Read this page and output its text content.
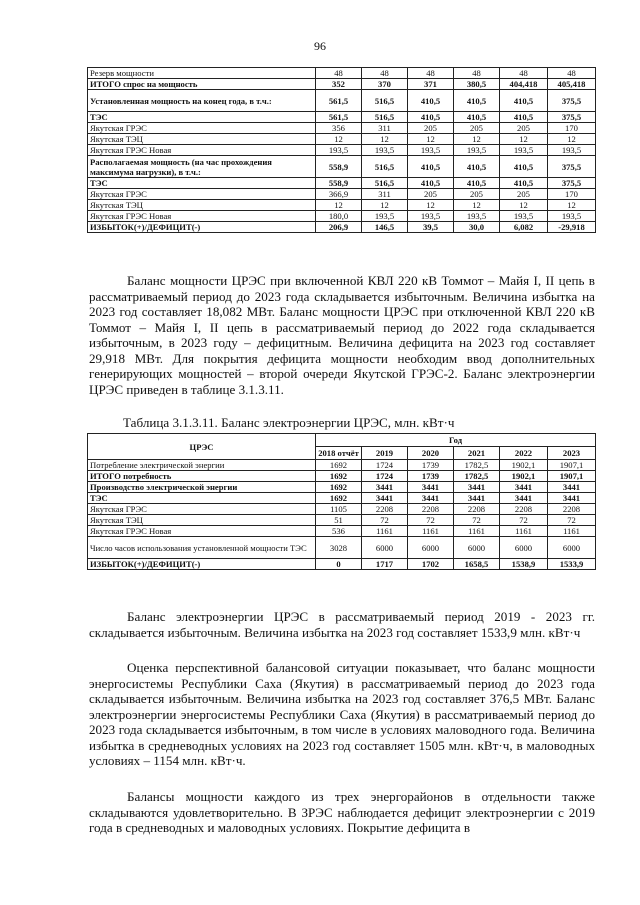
96
Резерв мощности	48	48	48	48	48	48
ИТОГО спрос на мощность	352	370	371	380,5	404,418	405,418
Установленная мощность на конец года, в т.ч.:	561,5	516,5	410,5	410,5	410,5	375,5
ТЭС	561,5	516,5	410,5	410,5	410,5	375,5
Якутская ГРЭС	356	311	205	205	205	170
Якутская ТЭЦ	12	12	12	12	12	12
Якутская ГРЭС Новая	193,5	193,5	193,5	193,5	193,5	193,5
Располагаемая мощность (на час прохождения максимума нагрузки), в т.ч.:	558,9	516,5	410,5	410,5	410,5	375,5
ТЭС	558,9	516,5	410,5	410,5	410,5	375,5
Якутская ГРЭС	366,9	311	205	205	205	170
Якутская ТЭЦ	12	12	12	12	12	12
Якутская ГРЭС Новая	180,0	193,5	193,5	193,5	193,5	193,5
ИЗБЫТОК(+)/ДЕФИЦИТ(-)	206,9	146,5	39,5	30,0	6,082	-29,918

Баланс мощности ЦРЭС при включенной КВЛ 220 кВ Томмот – Майя I, II цепь в рассматриваемый период до 2023 года складывается избыточным. Величина избытка на 2023 год составляет 18,082 МВт. Баланс мощности ЦРЭС при отключенной КВЛ 220 кВ Томмот – Майя I, II цепь в рассматриваемый период до 2022 года складывается избыточным, в 2023 году – дефицитным. Величина дефицита на 2023 год составляет 29,918 МВт. Для покрытия дефицита мощности необходим ввод дополнительных генерирующих мощностей – второй очереди Якутской ГРЭС-2. Баланс электроэнергии ЦРЭС приведен в таблице 3.1.3.11.

Таблица 3.1.3.11. Баланс электроэнергии ЦРЭС, млн. кВт·ч
ЦРЭС	Год					
	2018 отчёт	2019	2020	2021	2022	2023
Потребление электрической энергии	1692	1724	1739	1782,5	1902,1	1907,1
ИТОГО потребность	1692	1724	1739	1782,5	1902,1	1907,1
Производство электрической энергии	1692	3441	3441	3441	3441	3441
ТЭС	1692	3441	3441	3441	3441	3441
Якутская ГРЭС	1105	2208	2208	2208	2208	2208
Якутская ТЭЦ	51	72	72	72	72	72
Якутская ГРЭС Новая	536	1161	1161	1161	1161	1161
Число часов использования установленной мощности ТЭС	3028	6000	6000	6000	6000	6000
ИЗБЫТОК(+)/ДЕФИЦИТ(-)	0	1717	1702	1658,5	1538,9	1533,9

Баланс электроэнергии ЦРЭС в рассматриваемый период 2019 - 2023 гг. складывается избыточным. Величина избытка на 2023 год составляет 1533,9 млн. кВт·ч

Оценка перспективной балансовой ситуации показывает, что баланс мощности энергосистемы Республики Саха (Якутия) в рассматриваемый период до 2023 года складывается избыточным. Величина избытка на 2023 год составляет 376,5 МВт. Баланс электроэнергии энергосистемы Республики Саха (Якутия) в рассматриваемый период до 2023 года складывается избыточным, в том числе в условиях маловодного года. Величина избытка в средневодных условиях на 2023 год составляет 1505 млн. кВт·ч, в маловодных условиях – 1154 млн. кВт·ч.

Балансы мощности каждого из трех энергорайонов в отдельности также складываются удовлетворительно. В ЗРЭС наблюдается дефицит электроэнергии с 2019 года в средневодных и маловодных условиях. Покрытие дефицита в
